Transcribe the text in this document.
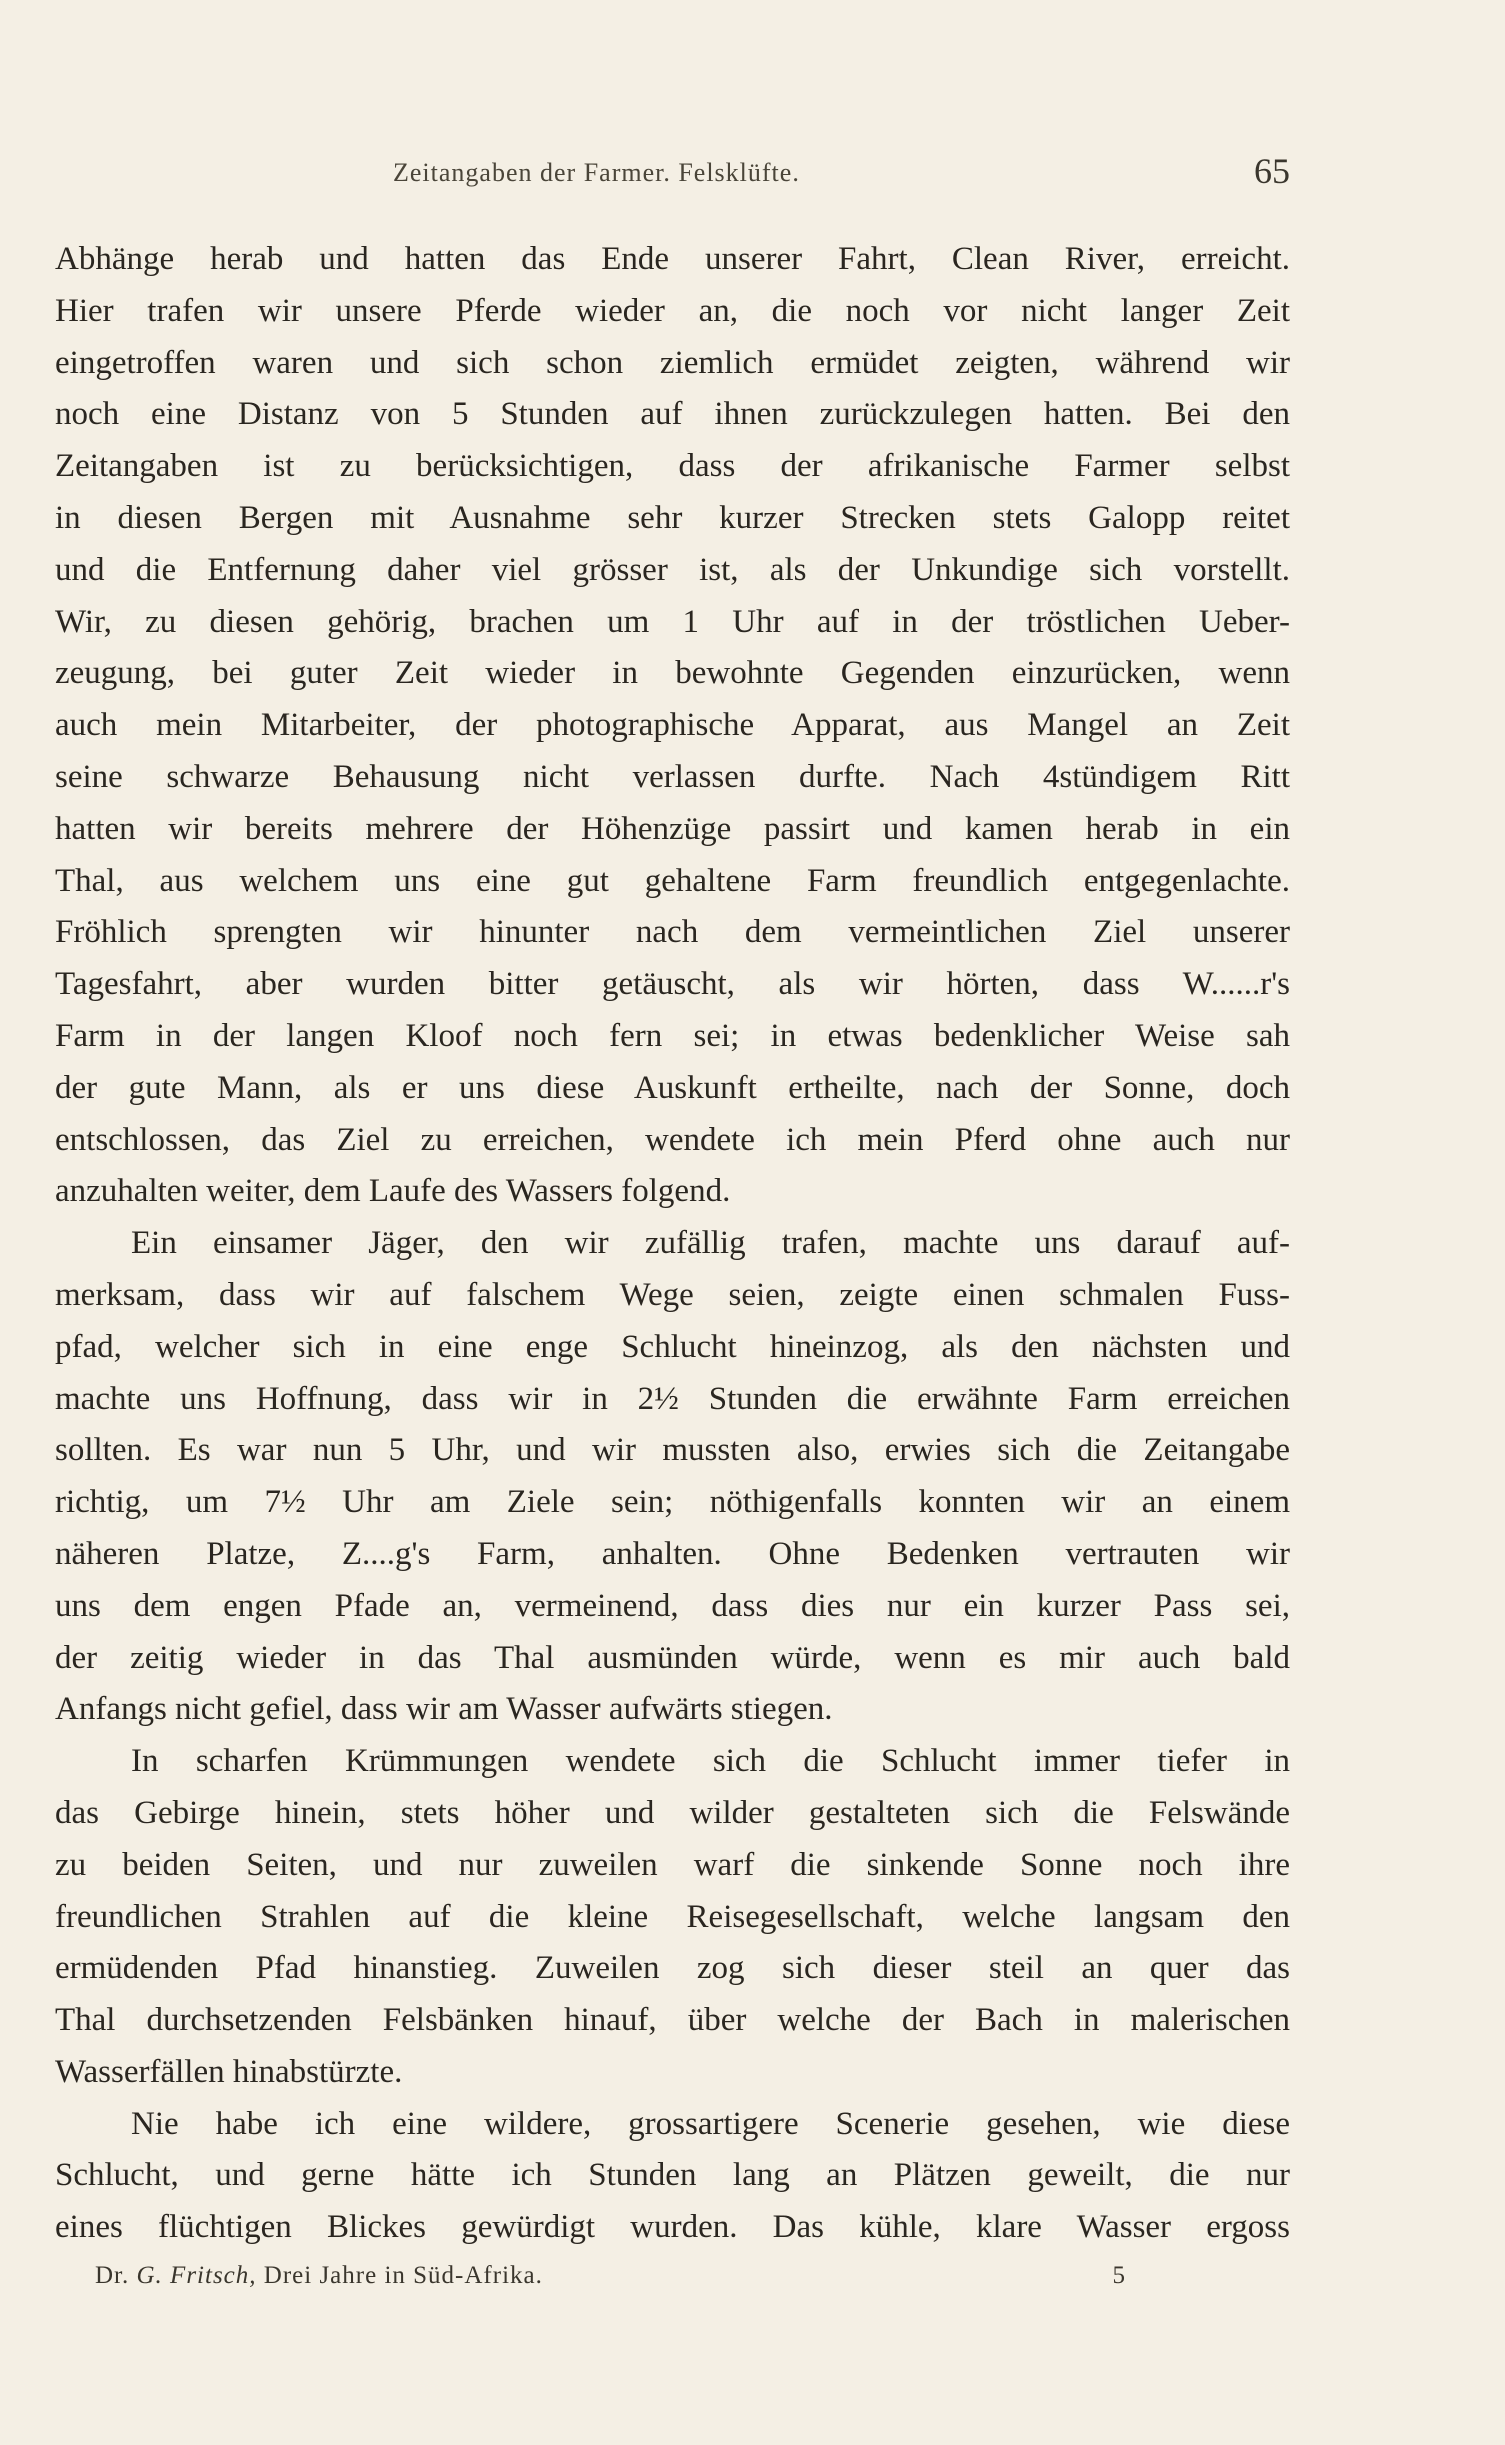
Zeitangaben der Farmer. Felsklüfte.	65
Abhänge herab und hatten das Ende unserer Fahrt, Clean River, erreicht.
Hier trafen wir unsere Pferde wieder an, die noch vor nicht langer Zeit
eingetroffen waren und sich schon ziemlich ermüdet zeigten, während wir
noch eine Distanz von 5 Stunden auf ihnen zurückzulegen hatten. Bei den
Zeitangaben ist zu berücksichtigen, dass der afrikanische Farmer selbst
in diesen Bergen mit Ausnahme sehr kurzer Strecken stets Galopp reitet
und die Entfernung daher viel grösser ist, als der Unkundige sich vorstellt.
Wir, zu diesen gehörig, brachen um 1 Uhr auf in der tröstlichen Ueber-
zeugung, bei guter Zeit wieder in bewohnte Gegenden einzurücken, wenn
auch mein Mitarbeiter, der photographische Apparat, aus Mangel an Zeit
seine schwarze Behausung nicht verlassen durfte. Nach 4stündigem Ritt
hatten wir bereits mehrere der Höhenzüge passirt und kamen herab in ein
Thal, aus welchem uns eine gut gehaltene Farm freundlich entgegenlachte.
Fröhlich sprengten wir hinunter nach dem vermeintlichen Ziel unserer
Tagesfahrt, aber wurden bitter getäuscht, als wir hörten, dass W......r's
Farm in der langen Kloof noch fern sei; in etwas bedenklicher Weise sah
der gute Mann, als er uns diese Auskunft ertheilte, nach der Sonne, doch
entschlossen, das Ziel zu erreichen, wendete ich mein Pferd ohne auch nur
anzuhalten weiter, dem Laufe des Wassers folgend.
Ein einsamer Jäger, den wir zufällig trafen, machte uns darauf auf-
merksam, dass wir auf falschem Wege seien, zeigte einen schmalen Fuss-
pfad, welcher sich in eine enge Schlucht hineinzog, als den nächsten und
machte uns Hoffnung, dass wir in 2½ Stunden die erwähnte Farm erreichen
sollten. Es war nun 5 Uhr, und wir mussten also, erwies sich die Zeitangabe
richtig, um 7½ Uhr am Ziele sein; nöthigenfalls konnten wir an einem
näheren Platze, Z....g's Farm, anhalten. Ohne Bedenken vertrauten wir
uns dem engen Pfade an, vermeinend, dass dies nur ein kurzer Pass sei,
der zeitig wieder in das Thal ausmünden würde, wenn es mir auch bald
Anfangs nicht gefiel, dass wir am Wasser aufwärts stiegen.
In scharfen Krümmungen wendete sich die Schlucht immer tiefer in
das Gebirge hinein, stets höher und wilder gestalteten sich die Felswände
zu beiden Seiten, und nur zuweilen warf die sinkende Sonne noch ihre
freundlichen Strahlen auf die kleine Reisegesellschaft, welche langsam den
ermüdenden Pfad hinanstieg. Zuweilen zog sich dieser steil an quer das
Thal durchsetzenden Felsbänken hinauf, über welche der Bach in malerischen
Wasserfällen hinabstürzte.
Nie habe ich eine wildere, grossartigere Scenerie gesehen, wie diese
Schlucht, und gerne hätte ich Stunden lang an Plätzen geweilt, die nur
eines flüchtigen Blickes gewürdigt wurden. Das kühle, klare Wasser ergoss
Dr. G. Fritsch, Drei Jahre in Süd-Afrika.	5
